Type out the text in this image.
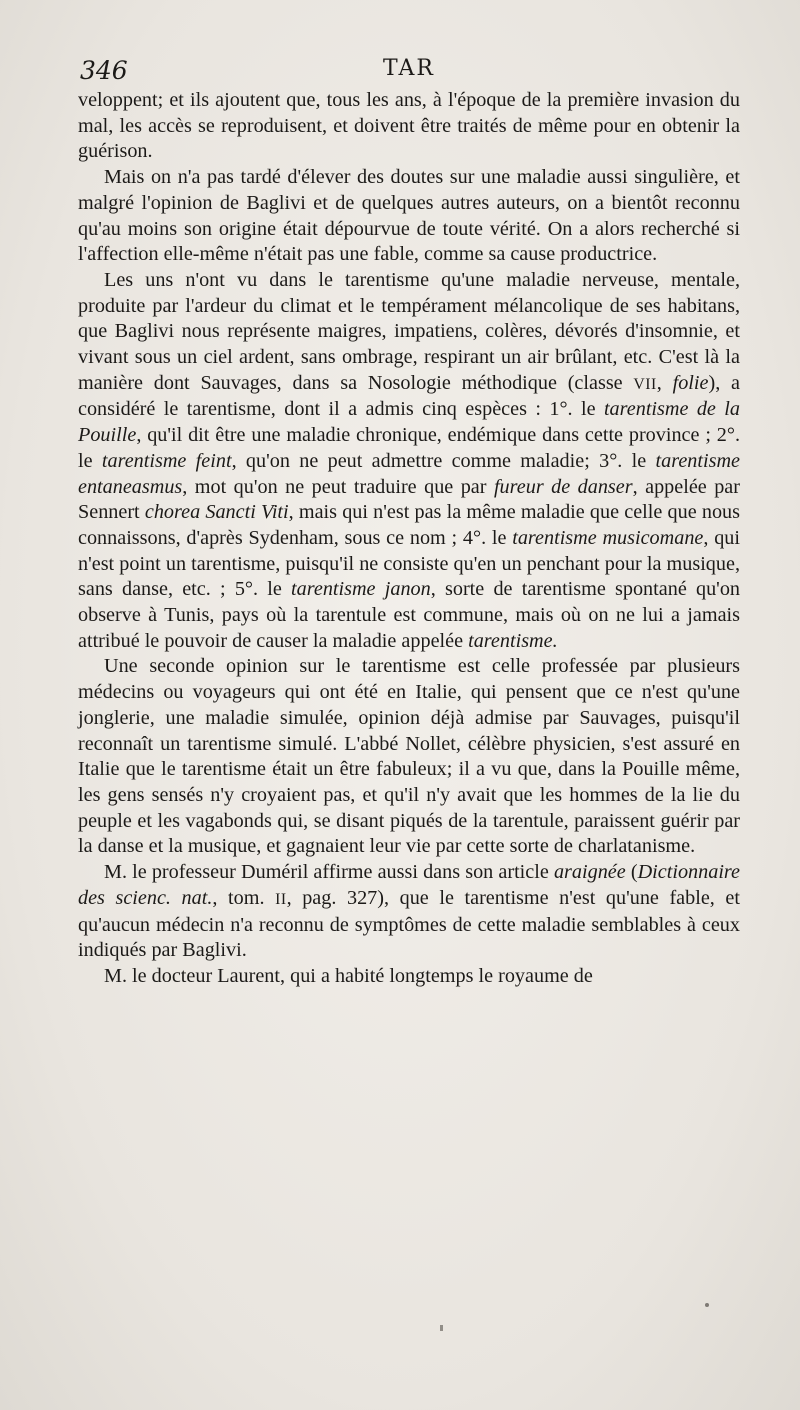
346	TAR

veloppent; et ils ajoutent que, tous les ans, à l'époque de la première invasion du mal, les accès se reproduisent, et doivent être traités de même pour en obtenir la guérison.

Mais on n'a pas tardé d'élever des doutes sur une maladie aussi singulière, et malgré l'opinion de Baglivi et de quelques autres auteurs, on a bientôt reconnu qu'au moins son origine était dépourvue de toute vérité. On a alors recherché si l'affection elle-même n'était pas une fable, comme sa cause productrice.

Les uns n'ont vu dans le tarentisme qu'une maladie nerveuse, mentale, produite par l'ardeur du climat et le tempérament mélancolique de ses habitans, que Baglivi nous représente maigres, impatiens, colères, dévorés d'insomnie, et vivant sous un ciel ardent, sans ombrage, respirant un air brûlant, etc. C'est là la manière dont Sauvages, dans sa Nosologie méthodique (classe VII, folie), a considéré le tarentisme, dont il a admis cinq espèces : 1°. le tarentisme de la Pouille, qu'il dit être une maladie chronique, endémique dans cette province ; 2°. le tarentisme feint, qu'on ne peut admettre comme maladie; 3°. le tarentisme entaneasmus, mot qu'on ne peut traduire que par fureur de danser, appelée par Sennert chorea Sancti Viti, mais qui n'est pas la même maladie que celle que nous connaissons, d'après Sydenham, sous ce nom ; 4°. le tarentisme musicomane, qui n'est point un tarentisme, puisqu'il ne consiste qu'en un penchant pour la musique, sans danse, etc. ; 5°. le tarentisme janon, sorte de tarentisme spontané qu'on observe à Tunis, pays où la tarentule est commune, mais où on ne lui a jamais attribué le pouvoir de causer la maladie appelée tarentisme.

Une seconde opinion sur le tarentisme est celle professée par plusieurs médecins ou voyageurs qui ont été en Italie, qui pensent que ce n'est qu'une jonglerie, une maladie simulée, opinion déjà admise par Sauvages, puisqu'il reconnaît un tarentisme simulé. L'abbé Nollet, célèbre physicien, s'est assuré en Italie que le tarentisme était un être fabuleux; il a vu que, dans la Pouille même, les gens sensés n'y croyaient pas, et qu'il n'y avait que les hommes de la lie du peuple et les vagabonds qui, se disant piqués de la tarentule, paraissent guérir par la danse et la musique, et gagnaient leur vie par cette sorte de charlatanisme.

M. le professeur Duméril affirme aussi dans son article araignée (Dictionnaire des scienc. nat., tom. II, pag. 327), que le tarentisme n'est qu'une fable, et qu'aucun médecin n'a reconnu de symptômes de cette maladie semblables à ceux indiqués par Baglivi.

M. le docteur Laurent, qui a habité longtemps le royaume de
